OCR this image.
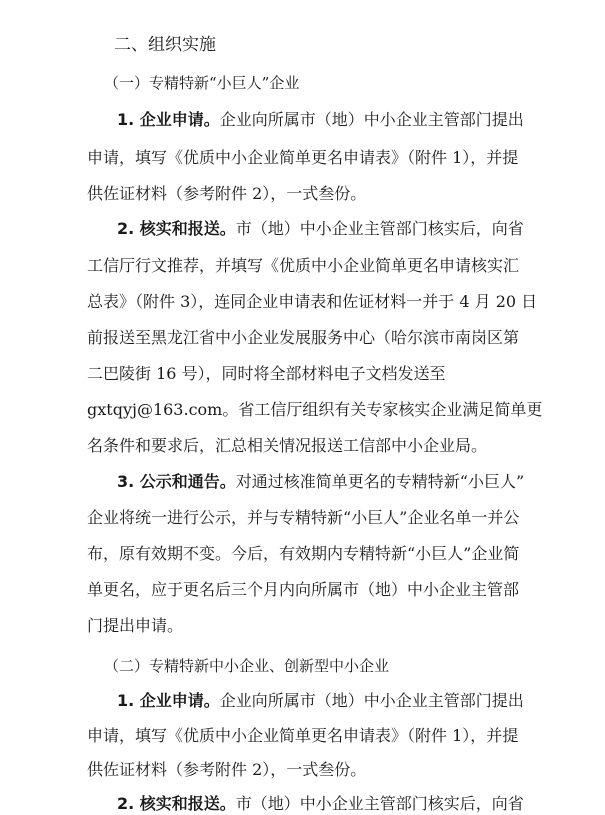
二、组织实施
（一）专精特新“小巨人”企业
1. 企业申请。企业向所属市（地）中小企业主管部门提出
申请，填写《优质中小企业简单更名申请表》（附件 1），并提
供佐证材料（参考附件 2），一式叁份。
2. 核实和报送。市（地）中小企业主管部门核实后，向省
工信厅行文推荐，并填写《优质中小企业简单更名申请核实汇
总表》（附件 3），连同企业申请表和佐证材料一并于 4 月 20 日
前报送至黑龙江省中小企业发展服务中心（哈尔滨市南岗区第
二巴陵街 16 号），同时将全部材料电子文档发送至
gxtqyj@163.com。省工信厅组织有关专家核实企业满足简单更
名条件和要求后，汇总相关情况报送工信部中小企业局。
3. 公示和通告。对通过核准简单更名的专精特新“小巨人”
企业将统一进行公示，并与专精特新“小巨人”企业名单一并公
布，原有效期不变。今后，有效期内专精特新“小巨人”企业简
单更名，应于更名后三个月内向所属市（地）中小企业主管部
门提出申请。
（二）专精特新中小企业、创新型中小企业
1. 企业申请。企业向所属市（地）中小企业主管部门提出
申请，填写《优质中小企业简单更名申请表》（附件 1），并提
供佐证材料（参考附件 2），一式叁份。
2. 核实和报送。市（地）中小企业主管部门核实后，向省
